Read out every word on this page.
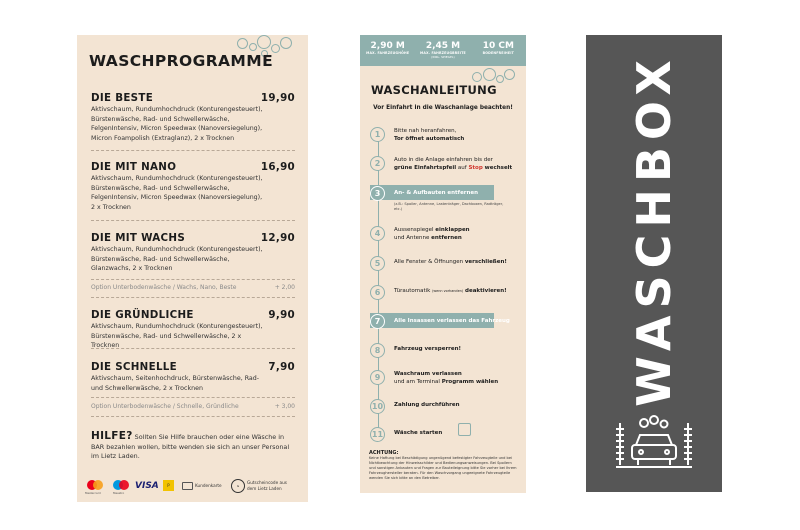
WASCHPROGRAMME
DIE BESTE	19,90
Aktivschaum, Rundumhochdruck (Konturengesteuert), Bürstenwäsche, Rad- und Schwellerwäsche, FelgenIntensiv, Micron Speedwax (Nanoversiegelung), Micron Foampolish (Extraglanz), 2 x Trocknen
DIE MIT NANO	16,90
Aktivschaum, Rundumhochdruck (Konturengesteuert), Bürstenwäsche, Rad- und Schwellerwäsche, FelgenIntensiv, Micron Speedwax (Nanoversiegelung), 2 x Trocknen
DIE MIT WACHS	12,90
Aktivschaum, Rundumhochdruck (Konturengesteuert), Bürstenwäsche, Rad- und Schwellerwäsche, Glanzwachs, 2 x Trocknen
Option Unterbodenwäsche / Wachs, Nano, Beste	+ 2,00
DIE GRÜNDLICHE	9,90
Aktivschaum, Rundumhochdruck (Konturengesteuert), Bürstenwäsche, Rad- und Schwellerwäsche, 2 x Trocknen
DIE SCHNELLE	7,90
Aktivschaum, Seitenhochdruck, Bürstenwäsche, Rad- und Schwellerwäsche, 2 x Trocknen
Option Unterbodenwäsche / Schnelle, Gründliche	+ 3,00
HILFE? Sollten Sie Hilfe brauchen oder eine Wäsche in BAR bezahlen wollen, bitte wenden sie sich an unser Personal im Lietz Laden.
Mastercard	Maestro
VISA	P	Kundenkarte	G
Gutscheincode aus dem Lietz Laden
2,90 M
MAX. FAHRZEUGHÖHE
2,45 M
MAX. FAHRZEUGBREITE
(INKL. SPIEGEL)
10 CM
BODENFREIHEIT
WASCHANLEITUNG
Vor Einfahrt in die Waschanlage beachten!
1	Bitte nah heranfahren,
Tor öffnet automatisch
2	Auto in die Anlage einfahren bis der
grüne Einfahrtspfeil auf Stop wechselt
3	An- & Aufbauten entfernen
(z.B.: Spoiler, Antenne, Lastenträger, Dachboxen, Radträger, etc.)
4	Aussenspiegel einklappen
und Antenne entfernen
5	Alle Fenster & Öffnungen verschließen!
6	Türautomatik (wenn vorhanden) deaktivieren!
7	Alle Insassen verlassen das Fahrzeug
8	Fahrzeug versperren!
9	Waschraum verlassen
und am Terminal Programm wählen
10	Zahlung durchführen
11	Wäsche starten
ACHTUNG:
Keine Haftung bei Beschädigung ungenügend befestigter Fahrzeugteile und bei Nichtbeachtung der Hinweisschilder und Bedienungsanweisungen. Bei Spoilern und sonstigen Anbauten und Fragen zur Bauteileignung bitte Sie vorher bei Ihrem Fahrzeughersteller beraten. Für den Waschvorgang ungeeignete Fahrzeugteile wenden Sie sich bitte an den Betreiber.
WASCHBOX
